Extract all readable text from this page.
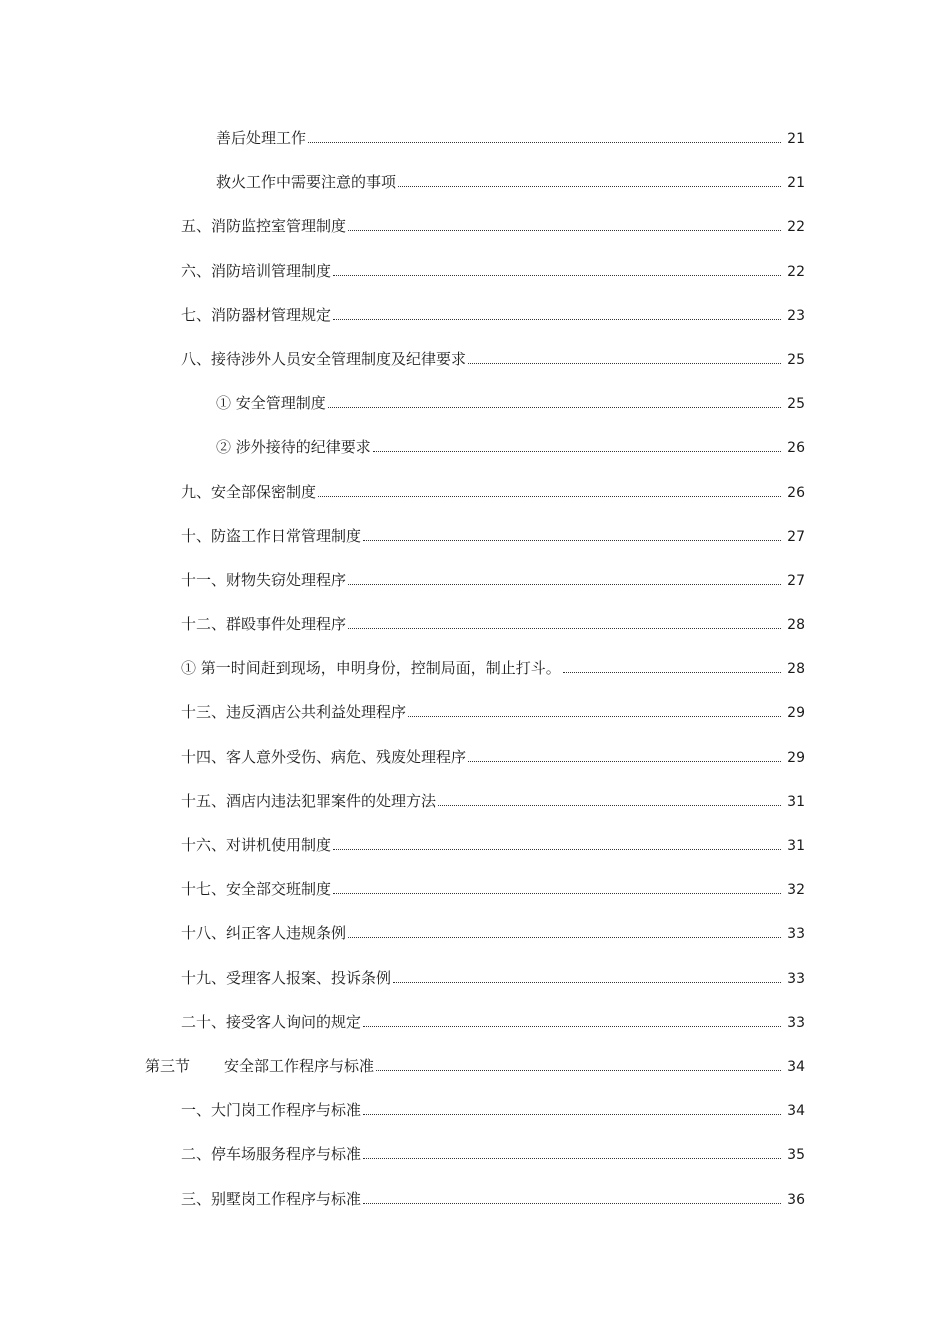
善后处理工作	21
救火工作中需要注意的事项	21
五、消防监控室管理制度	22
六、消防培训管理制度	22
七、消防器材管理规定	23
八、接待涉外人员安全管理制度及纪律要求	25
① 安全管理制度	25
② 涉外接待的纪律要求	26
九、安全部保密制度	26
十、防盗工作日常管理制度	27
十一、财物失窃处理程序	27
十二、群殴事件处理程序	28
① 第一时间赶到现场，申明身份，控制局面，制止打斗。	28
十三、违反酒店公共利益处理程序	29
十四、客人意外受伤、病危、残废处理程序	29
十五、酒店内违法犯罪案件的处理方法	31
十六、对讲机使用制度	31
十七、安全部交班制度	32
十八、纠正客人违规条例	33
十九、受理客人报案、投诉条例	33
二十、接受客人询问的规定	33
第三节 安全部工作程序与标准	34
一、大门岗工作程序与标准	34
二、停车场服务程序与标准	35
三、别墅岗工作程序与标准	36
